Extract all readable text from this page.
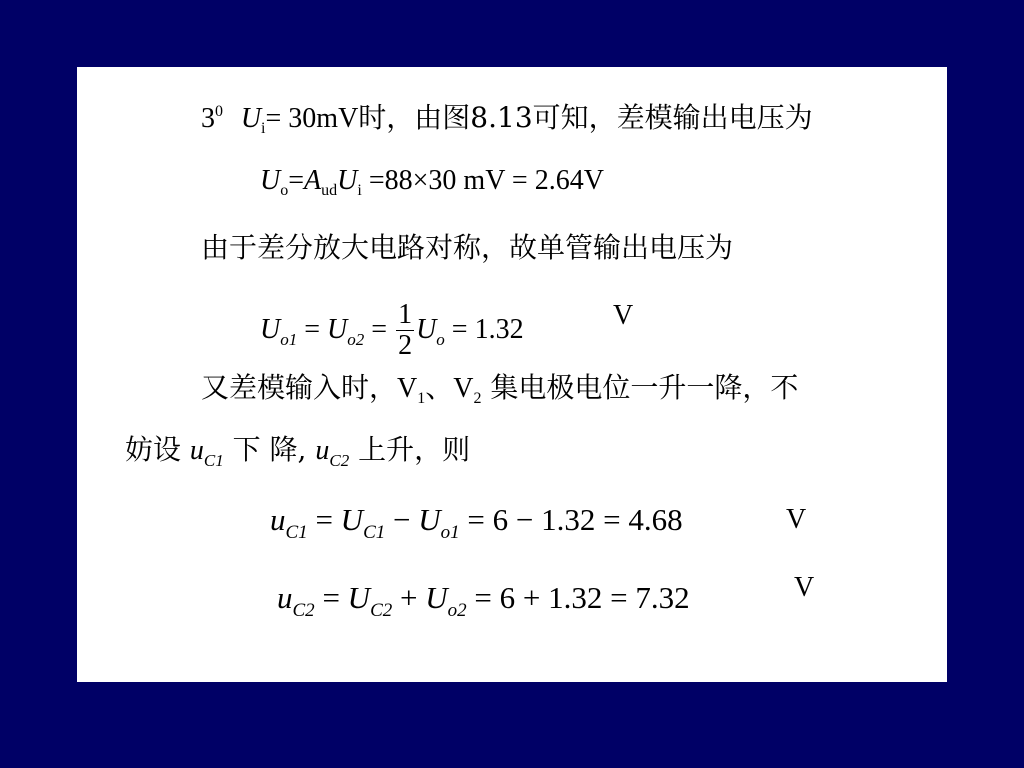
$3^0$ $U_i= 30mV$时，由图8.13可知，差模输出电压为
$U_o=A_{ud}U_i =88\times 30$ mV = 2.64V
由于差分放大电路对称，故单管输出电压为
$U_{o1} = U_{o2} = \frac{1}{2} U_o = 1.32$	V
又差模输入时，$V_1$、$V_2$ 集电极电位一升一降，不
妨设 $u_{C1}$ 下 降, $u_{C2}$ 上升，则
$u_{C1} = U_{C1} - U_{o1} = 6 - 1.32 = 4.68$	V
$u_{C2} = U_{C2} + U_{o2} = 6 + 1.32 = 7.32$	V
